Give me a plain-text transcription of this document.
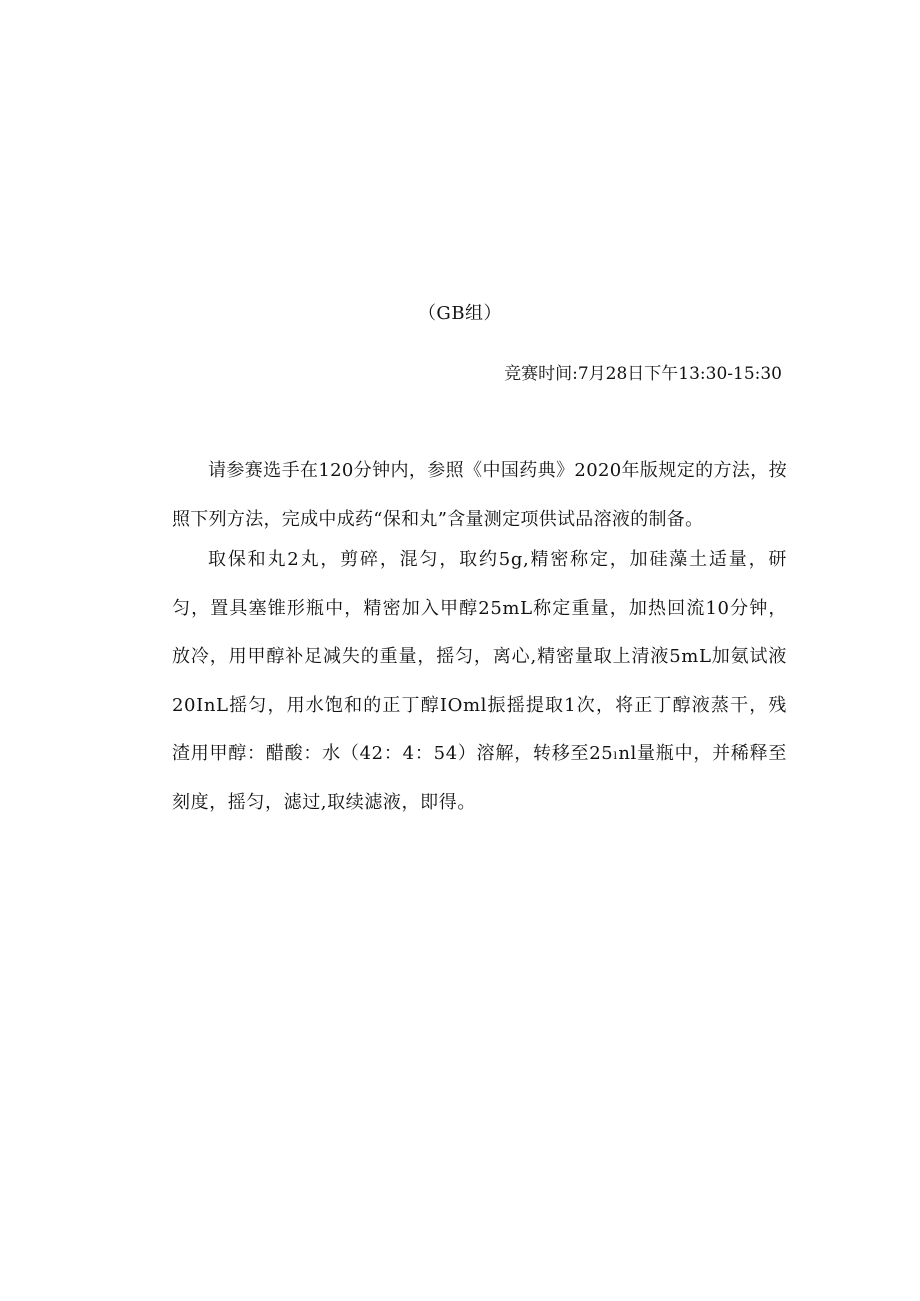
（GB组）
竞赛时间:7月28日下午13:30-15:30

请参赛选手在120分钟内，参照《中国药典》2020年版规定的方法，按照下列方法，完成中成药“保和丸”含量测定项供试品溶液的制备。

取保和丸2丸，剪碎，混匀，取约5g,精密称定，加硅藻土适量，研匀，置具塞锥形瓶中，精密加入甲醇25mL称定重量，加热回流10分钟，放冷，用甲醇补足减失的重量，摇匀，离心,精密量取上清液5mL加氨试液20InL摇匀，用水饱和的正丁醇IOml振摇提取1次，将正丁醇液蒸干，残渣用甲醇：醋酸：水（42：4：54）溶解，转移至25ₗnl量瓶中，并稀释至刻度，摇匀，滤过,取续滤液，即得。
